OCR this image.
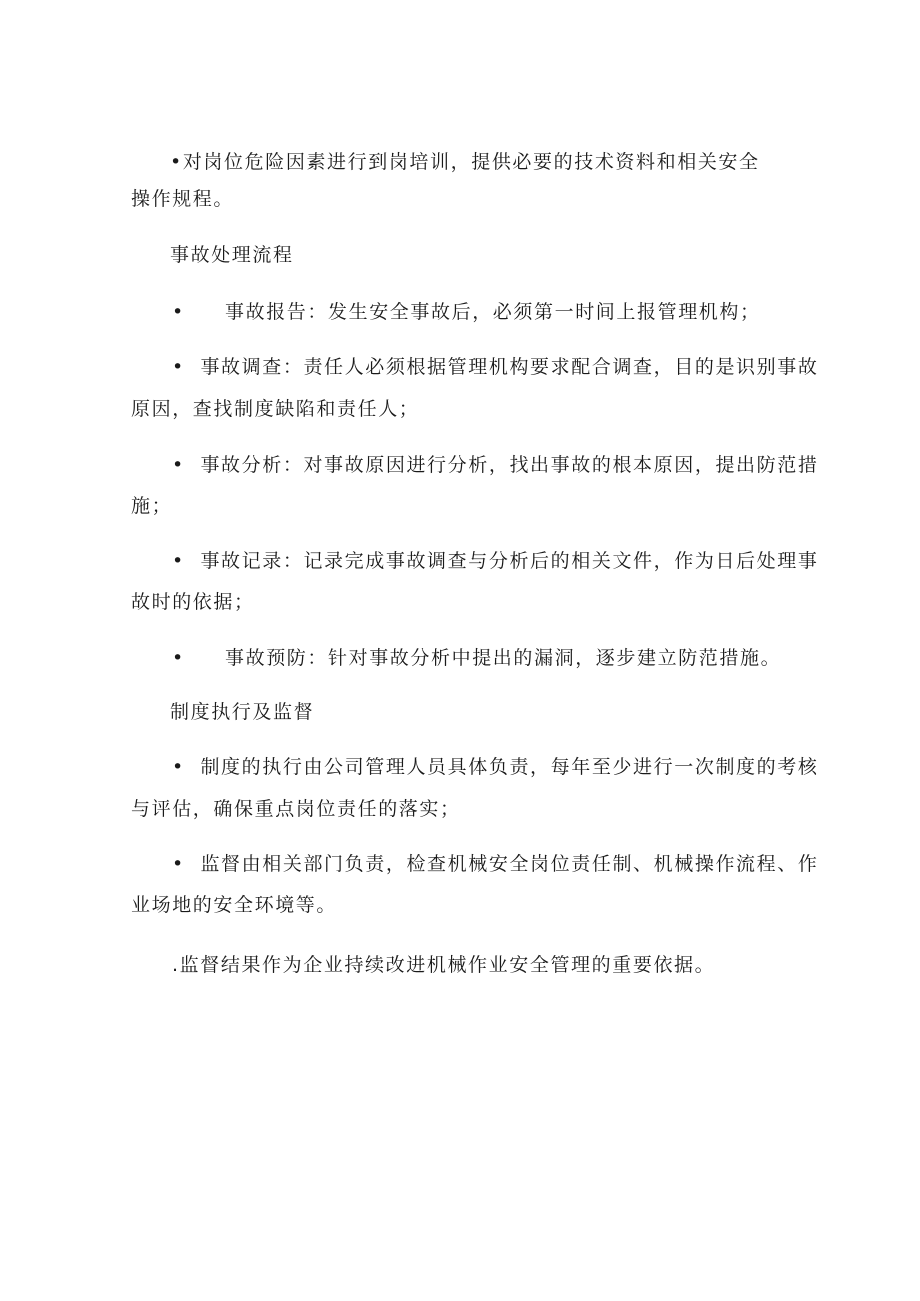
•对岗位危险因素进行到岗培训，提供必要的技术资料和相关安全
操作规程。
事故处理流程
• 事故报告：发生安全事故后，必须第一时间上报管理机构；
• 事故调查：责任人必须根据管理机构要求配合调查，目的是识别事故
原因，查找制度缺陷和责任人；
• 事故分析：对事故原因进行分析，找出事故的根本原因，提出防范措
施；
• 事故记录：记录完成事故调查与分析后的相关文件，作为日后处理事
故时的依据；
• 事故预防：针对事故分析中提出的漏洞，逐步建立防范措施。
制度执行及监督
• 制度的执行由公司管理人员具体负责，每年至少进行一次制度的考核
与评估，确保重点岗位责任的落实；
• 监督由相关部门负责，检查机械安全岗位责任制、机械操作流程、作
业场地的安全环境等。
.监督结果作为企业持续改进机械作业安全管理的重要依据。
